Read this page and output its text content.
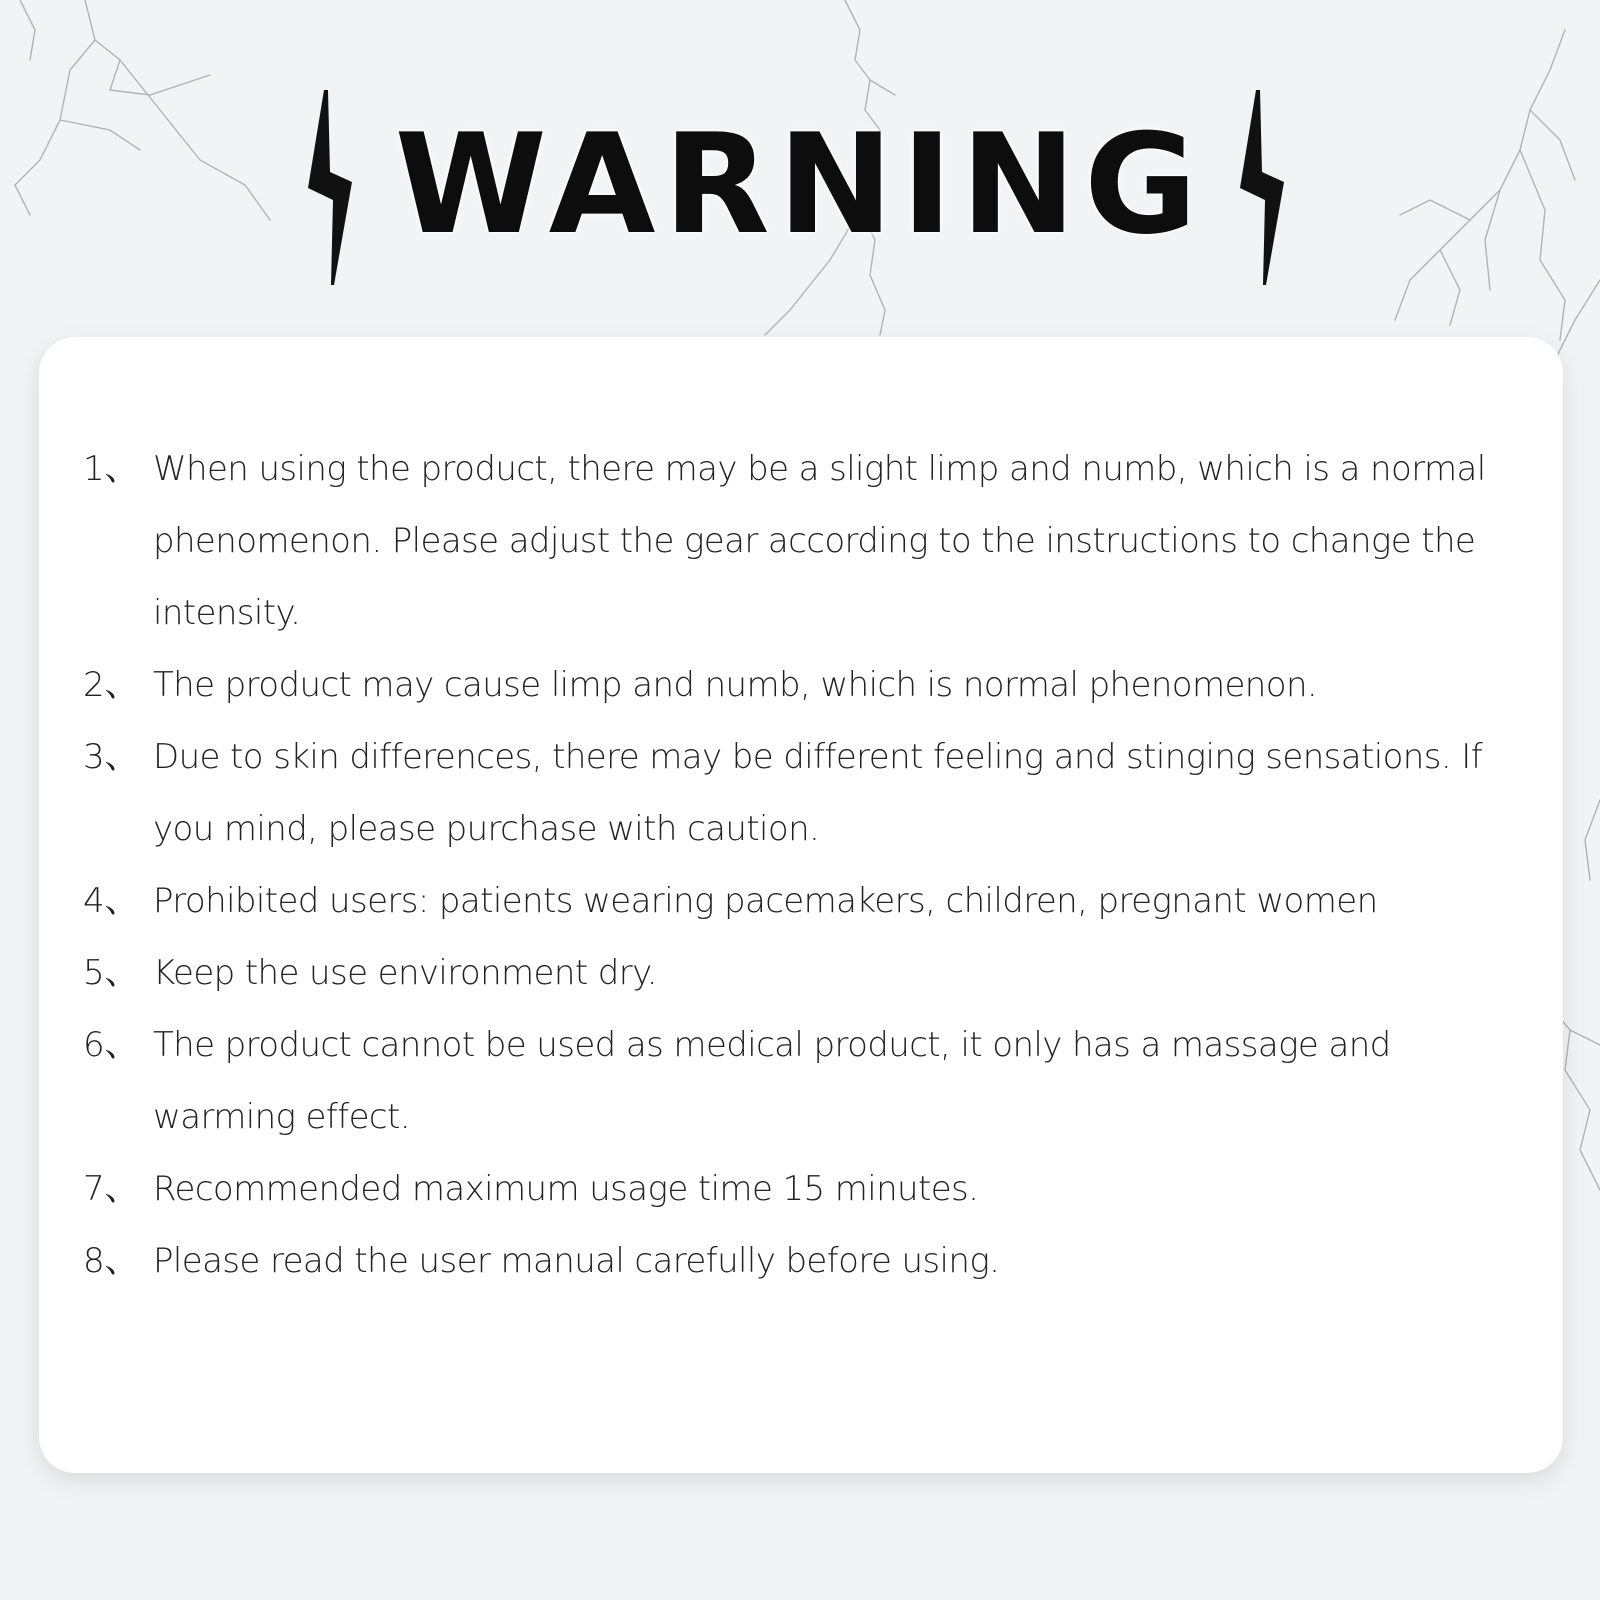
WARNING
1、 When using the product, there may be a slight limp and numb, which is a normal phenomenon. Please adjust the gear according to the instructions to change the intensity.
2、 The product may cause limp and numb, which is normal phenomenon.
3、 Due to skin differences, there may be different feeling and stinging sensations. If you mind, please purchase with caution.
4、 Prohibited users: patients wearing pacemakers, children, pregnant women
5、 Keep the use environment dry.
6、 The product cannot be used as medical product, it only has a massage and warming effect.
7、 Recommended maximum usage time 15 minutes.
8、 Please read the user manual carefully before using.
